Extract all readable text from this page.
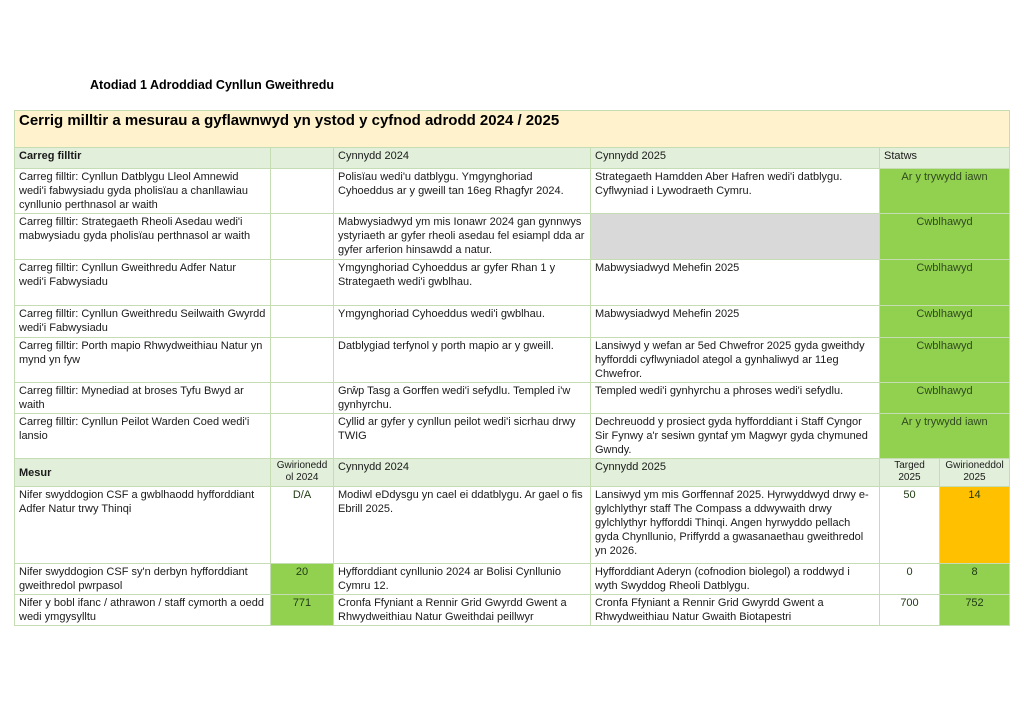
Atodiad 1 Adroddiad Cynllun Gweithredu
Cerrig milltir a mesurau a gyflawnwyd yn ystod y cyfnod adrodd 2024 / 2025					
Carreg filltir		Cynnydd 2024	Cynnydd 2025	Statws	
Carreg filltir: Cynllun Datblygu Lleol Amnewid wedi'i fabwysiadu gyda pholisïau a chanllawiau cynllunio perthnasol ar waith		Polisïau wedi'u datblygu. Ymgynghoriad Cyhoeddus ar y gweill tan 16eg Rhagfyr 2024.	Strategaeth Hamdden Aber Hafren wedi'i datblygu. Cyflwyniad i Lywodraeth Cymru.	Ar y trywydd iawn	
Carreg filltir: Strategaeth Rheoli Asedau wedi'i mabwysiadu gyda pholisïau perthnasol ar waith		Mabwysiadwyd ym mis Ionawr 2024 gan gynnwys ystyriaeth ar gyfer rheoli asedau fel esiampl dda ar gyfer arferion hinsawdd a natur.		Cwblhawyd	
Carreg filltir: Cynllun Gweithredu Adfer Natur wedi'i Fabwysiadu		Ymgynghoriad Cyhoeddus ar gyfer Rhan 1 y Strategaeth wedi'i gwblhau.	Mabwysiadwyd Mehefin 2025	Cwblhawyd	
Carreg filltir: Cynllun Gweithredu Seilwaith Gwyrdd wedi'i Fabwysiadu		Ymgynghoriad Cyhoeddus wedi'i gwblhau.	Mabwysiadwyd Mehefin 2025	Cwblhawyd	
Carreg filltir: Porth mapio Rhwydweithiau Natur yn mynd yn fyw		Datblygiad terfynol y porth mapio ar y gweill.	Lansiwyd y wefan ar 5ed Chwefror 2025 gyda gweithdy hyfforddi cyflwyniadol ategol a gynhaliwyd ar 11eg Chwefror.	Cwblhawyd	
Carreg filltir: Mynediad at broses Tyfu Bwyd ar waith		Grŵp Tasg a Gorffen wedi'i sefydlu. Templed i'w gynhyrchu.	Templed wedi'i gynhyrchu a phroses wedi'i sefydlu.	Cwblhawyd	
Carreg filltir: Cynllun Peilot Warden Coed wedi'i lansio		Cyllid ar gyfer y cynllun peilot wedi'i sicrhau drwy TWIG	Dechreuodd y prosiect gyda hyfforddiant i Staff Cyngor Sir Fynwy a'r sesiwn gyntaf ym Magwyr gyda chymuned Gwndy.	Ar y trywydd iawn	
Mesur	Gwirioneddol 2024	Cynnydd 2024	Cynnydd 2025	Targed 2025	Gwirioneddol 2025
Nifer swyddogion CSF a gwblhaodd hyfforddiant Adfer Natur trwy Thinqi	D/A	Modiwl eDdysgu yn cael ei ddatblygu. Ar gael o fis Ebrill 2025.	Lansiwyd ym mis Gorffennaf 2025. Hyrwyddwyd drwy e-gylchlythyr staff The Compass a ddwywaith drwy gylchlythyr hyfforddi Thinqi. Angen hyrwyddo pellach gyda Chynllunio, Priffyrdd a gwasanaethau gweithredol yn 2026.	50	14
Nifer swyddogion CSF sy'n derbyn hyfforddiant gweithredol pwrpasol	20	Hyfforddiant cynllunio 2024 ar Bolisi Cynllunio Cymru 12.	Hyfforddiant Aderyn (cofnodion biolegol) a roddwyd i wyth Swyddog Rheoli Datblygu.	0	8
Nifer y bobl ifanc / athrawon / staff cymorth a oedd wedi ymgysylltu	771	Cronfa Ffyniant a Rennir Grid Gwyrdd Gwent a Rhwydweithiau Natur Gweithdai peillwyr	Cronfa Ffyniant a Rennir Grid Gwyrdd Gwent a Rhwydweithiau Natur Gwaith Biotapestri	700	752
